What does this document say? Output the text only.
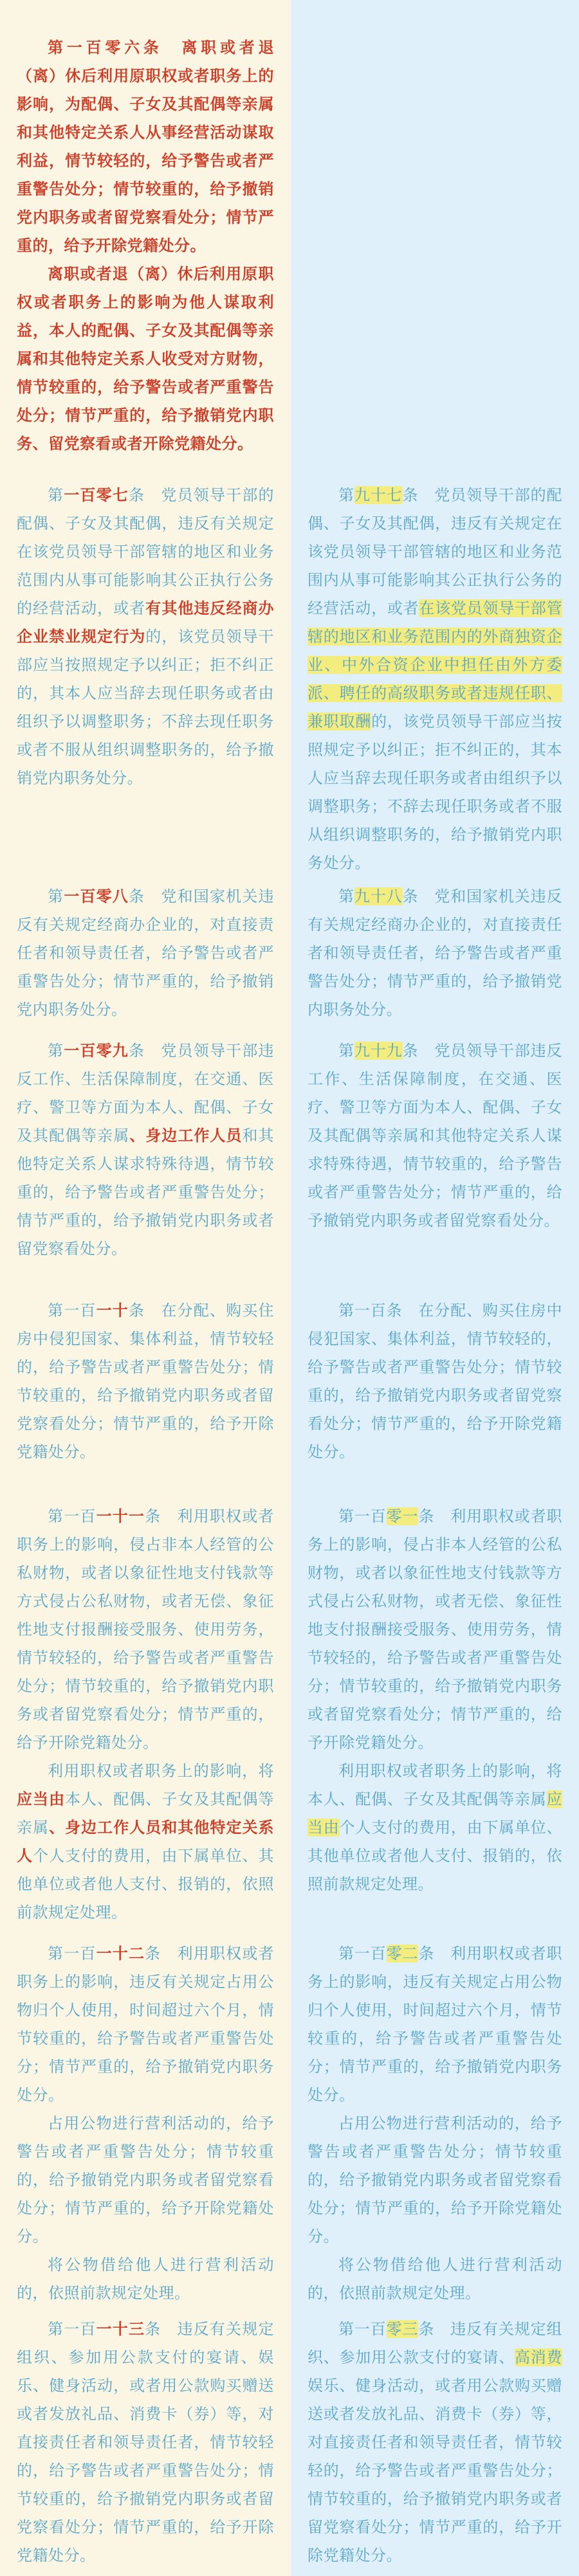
第一百零六条　离职或者退（离）休后利用原职权或者职务上的影响，为配偶、子女及其配偶等亲属和其他特定关系人从事经营活动谋取利益，情节较轻的，给予警告或者严重警告处分；情节较重的，给予撤销党内职务或者留党察看处分；情节严重的，给予开除党籍处分。

离职或者退（离）休后利用原职权或者职务上的影响为他人谋取利益，本人的配偶、子女及其配偶等亲属和其他特定关系人收受对方财物，情节较重的，给予警告或者严重警告处分；情节严重的，给予撤销党内职务、留党察看或者开除党籍处分。

第一百零七条　党员领导干部的配偶、子女及其配偶，违反有关规定在该党员领导干部管辖的地区和业务范围内从事可能影响其公正执行公务的经营活动，或者有其他违反经商办企业禁业规定行为的，该党员领导干部应当按照规定予以纠正；拒不纠正的，其本人应当辞去现任职务或者由组织予以调整职务；不辞去现任职务或者不服从组织调整职务的，给予撤销党内职务处分。

第一百零八条　党和国家机关违反有关规定经商办企业的，对直接责任者和领导责任者，给予警告或者严重警告处分；情节严重的，给予撤销党内职务处分。

第一百零九条　党员领导干部违反工作、生活保障制度，在交通、医疗、警卫等方面为本人、配偶、子女及其配偶等亲属、身边工作人员和其他特定关系人谋求特殊待遇，情节较重的，给予警告或者严重警告处分；情节严重的，给予撤销党内职务或者留党察看处分。

第一百一十条　在分配、购买住房中侵犯国家、集体利益，情节较轻的，给予警告或者严重警告处分；情节较重的，给予撤销党内职务或者留党察看处分；情节严重的，给予开除党籍处分。

第一百一十一条　利用职权或者职务上的影响，侵占非本人经管的公私财物，或者以象征性地支付钱款等方式侵占公私财物，或者无偿、象征性地支付报酬接受服务、使用劳务，情节较轻的，给予警告或者严重警告处分；情节较重的，给予撤销党内职务或者留党察看处分；情节严重的，给予开除党籍处分。

利用职权或者职务上的影响，将应当由本人、配偶、子女及其配偶等亲属、身边工作人员和其他特定关系人个人支付的费用，由下属单位、其他单位或者他人支付、报销的，依照前款规定处理。

第一百一十二条　利用职权或者职务上的影响，违反有关规定占用公物归个人使用，时间超过六个月，情节较重的，给予警告或者严重警告处分；情节严重的，给予撤销党内职务处分。

占用公物进行营利活动的，给予警告或者严重警告处分；情节较重的，给予撤销党内职务或者留党察看处分；情节严重的，给予开除党籍处分。

将公物借给他人进行营利活动的，依照前款规定处理。

第一百一十三条　违反有关规定组织、参加用公款支付的宴请、娱乐、健身活动，或者用公款购买赠送或者发放礼品、消费卡（券）等，对直接责任者和领导责任者，情节较轻的，给予警告或者严重警告处分；情节较重的，给予撤销党内职务或者留党察看处分；情节严重的，给予开除党籍处分。

第九十七条　党员领导干部的配偶、子女及其配偶，违反有关规定在该党员领导干部管辖的地区和业务范围内从事可能影响其公正执行公务的经营活动，或者在该党员领导干部管辖的地区和业务范围内的外商独资企业、中外合资企业中担任由外方委派、聘任的高级职务或者违规任职、兼职取酬的，该党员领导干部应当按照规定予以纠正；拒不纠正的，其本人应当辞去现任职务或者由组织予以调整职务；不辞去现任职务或者不服从组织调整职务的，给予撤销党内职务处分。

第九十八条　党和国家机关违反有关规定经商办企业的，对直接责任者和领导责任者，给予警告或者严重警告处分；情节严重的，给予撤销党内职务处分。

第九十九条　党员领导干部违反工作、生活保障制度，在交通、医疗、警卫等方面为本人、配偶、子女及其配偶等亲属和其他特定关系人谋求特殊待遇，情节较重的，给予警告或者严重警告处分；情节严重的，给予撤销党内职务或者留党察看处分。

第一百条　在分配、购买住房中侵犯国家、集体利益，情节较轻的，给予警告或者严重警告处分；情节较重的，给予撤销党内职务或者留党察看处分；情节严重的，给予开除党籍处分。

第一百零一条　利用职权或者职务上的影响，侵占非本人经管的公私财物，或者以象征性地支付钱款等方式侵占公私财物，或者无偿、象征性地支付报酬接受服务、使用劳务，情节较轻的，给予警告或者严重警告处分；情节较重的，给予撤销党内职务或者留党察看处分；情节严重的，给予开除党籍处分。

利用职权或者职务上的影响，将本人、配偶、子女及其配偶等亲属应当由个人支付的费用，由下属单位、其他单位或者他人支付、报销的，依照前款规定处理。

第一百零二条　利用职权或者职务上的影响，违反有关规定占用公物归个人使用，时间超过六个月，情节较重的，给予警告或者严重警告处分；情节严重的，给予撤销党内职务处分。

占用公物进行营利活动的，给予警告或者严重警告处分；情节较重的，给予撤销党内职务或者留党察看处分；情节严重的，给予开除党籍处分。

将公物借给他人进行营利活动的，依照前款规定处理。

第一百零三条　违反有关规定组织、参加用公款支付的宴请、高消费娱乐、健身活动，或者用公款购买赠送或者发放礼品、消费卡（券）等，对直接责任者和领导责任者，情节较轻的，给予警告或者严重警告处分；情节较重的，给予撤销党内职务或者留党察看处分；情节严重的，给予开除党籍处分。
